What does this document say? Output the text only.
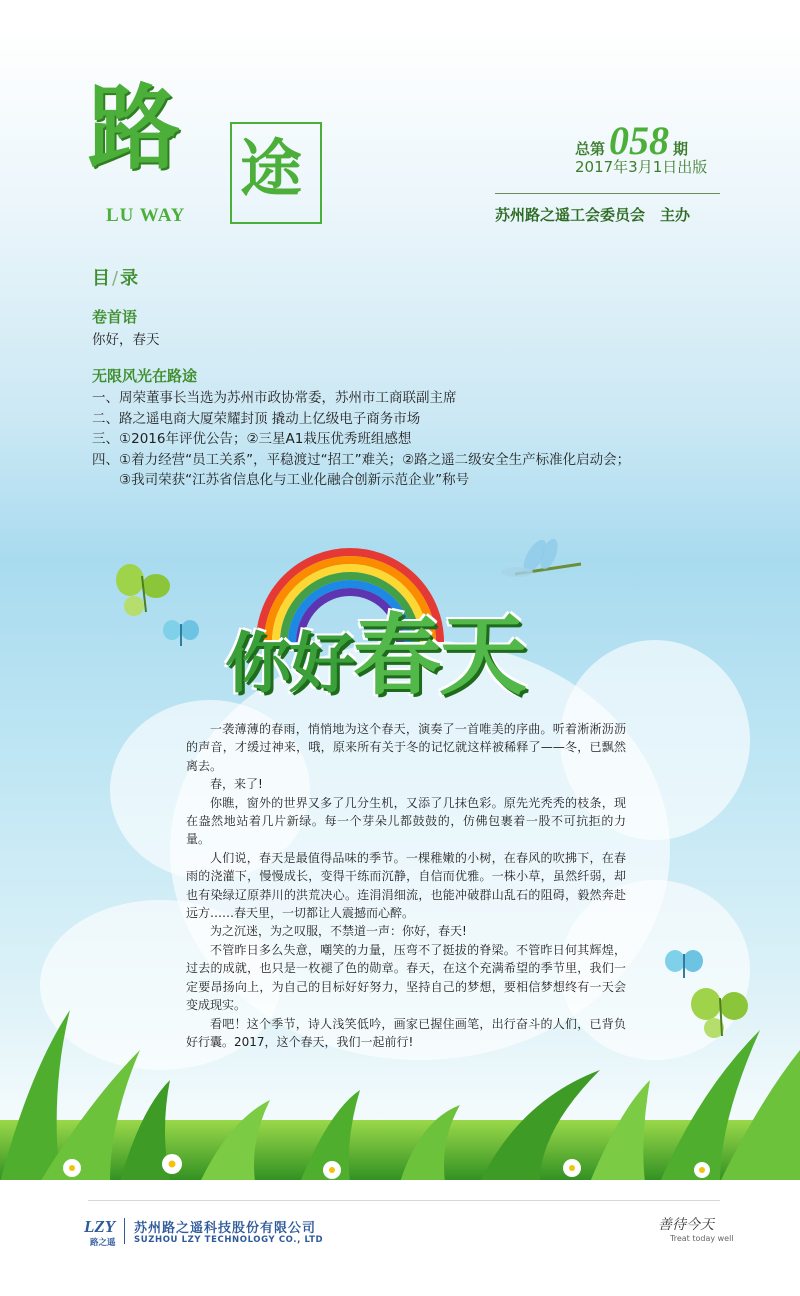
路 途
LU WAY
总第 058 期
2017年3月1日出版
苏州路之遥工会委员会　主办
目 / 录
卷首语
你好，春天
无限风光在路途
一、周荣董事长当选为苏州市政协常委，苏州市工商联副主席
二、路之遥电商大厦荣耀封顶 撬动上亿级电子商务市场
三、①2016年评优公告；②三星A1栽压优秀班组感想
四、①着力经营“员工关系”，平稳渡过“招工”难关；②路之遥二级安全生产标准化启动会；
③我司荣获“江苏省信息化与工业化融合创新示范企业”称号
你好春天

一袭薄薄的春雨，悄悄地为这个春天，演奏了一首唯美的序曲。听着淅淅沥沥的声音，才缓过神来，哦，原来所有关于冬的记忆就这样被稀释了——冬，已飘然离去。

春，来了!

你瞧，窗外的世界又多了几分生机，又添了几抹色彩。原先光秃秃的枝条，现在盎然地站着几片新绿。每一个芽朵儿都鼓鼓的，仿佛包裹着一股不可抗拒的力量。

人们说，春天是最值得品味的季节。一棵稚嫩的小树，在春风的吹拂下，在春雨的浇灌下，慢慢成长，变得干练而沉静，自信而优雅。一株小草，虽然纤弱，却也有染绿辽原莽川的洪荒决心。连涓涓细流，也能冲破群山乱石的阻碍，毅然奔赴远方……春天里，一切都让人震撼而心醉。

为之沉迷，为之叹服，不禁道一声：你好，春天!

不管昨日多么失意，嘲笑的力量，压弯不了挺拔的脊梁。不管昨日何其辉煌，过去的成就，也只是一枚褪了色的勋章。春天，在这个充满希望的季节里，我们一定要昂扬向上，为自己的目标好好努力，坚持自己的梦想，要相信梦想终有一天会变成现实。

看吧！这个季节，诗人浅笑低吟，画家已握住画笔，出行奋斗的人们，已背负好行囊。2017，这个春天，我们一起前行!

LZY
路之遥
苏州路之遥科技股份有限公司
SUZHOU LZY TECHNOLOGY CO., LTD
善待今天
Treat today well
